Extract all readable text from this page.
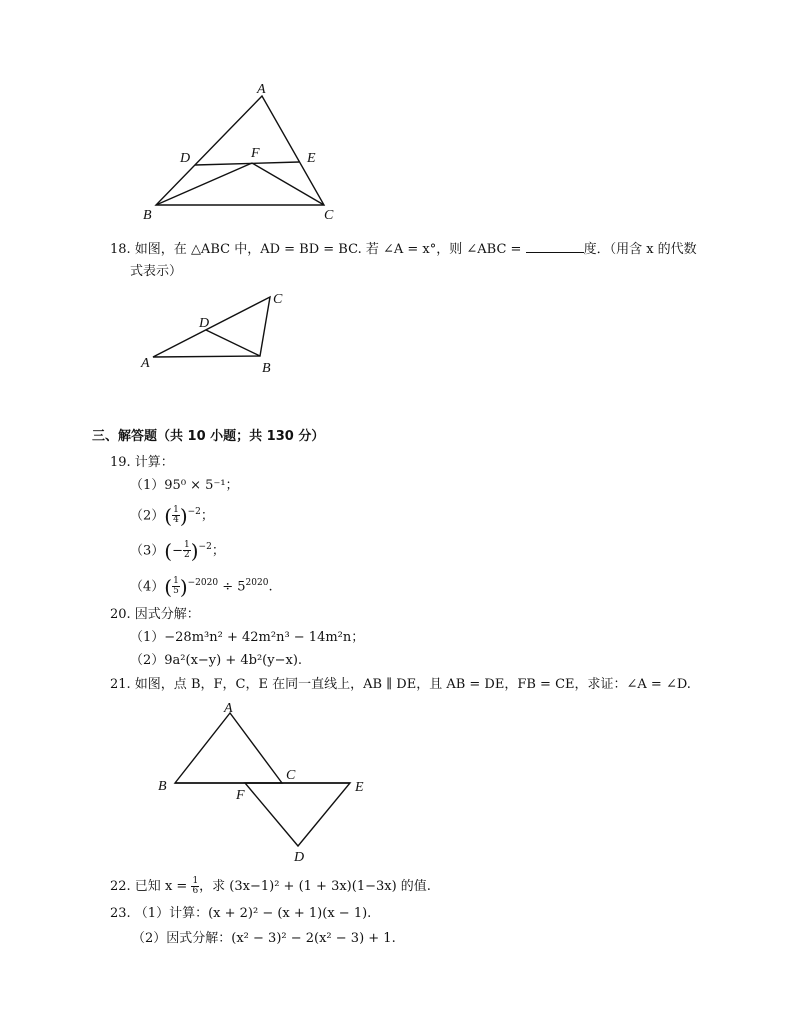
A
D	F	E
B	C
18. 如图，在 △ABC 中，AD = BD = BC. 若 ∠A = x°，则 ∠ABC =	度．（用含 x 的代数
式表示）
C
D
A	B
三、解答题（共 10 小题；共 130 分）
19. 计算：
（1）95⁰ × 5⁻¹；
$(2)( \frac{1}{4} )^{-2}$；
$(3)(- \frac{1}{2} )^{-2}$；
$(4)( \frac{1}{5} )^{-2020} \div 5^{2020}$.
20. 因式分解：
（1）−28m³n² + 42m²n³ − 14m²n；
（2）9a²(x−y) + 4b²(y−x).
21. 如图，点 B，F，C，E 在同一直线上，AB ∥ DE，且 AB = DE，FB = CE，求证：∠A = ∠D.
A
B
C
F
E
D
22. 已知 $x = \frac{1}{6}$ ，求 (3x−1)² + (1 + 3x)(1−3x) 的值.
23. （1）计算：(x + 2)² − (x + 1)(x − 1).
（2）因式分解：(x² − 3)² − 2(x² − 3) + 1.
